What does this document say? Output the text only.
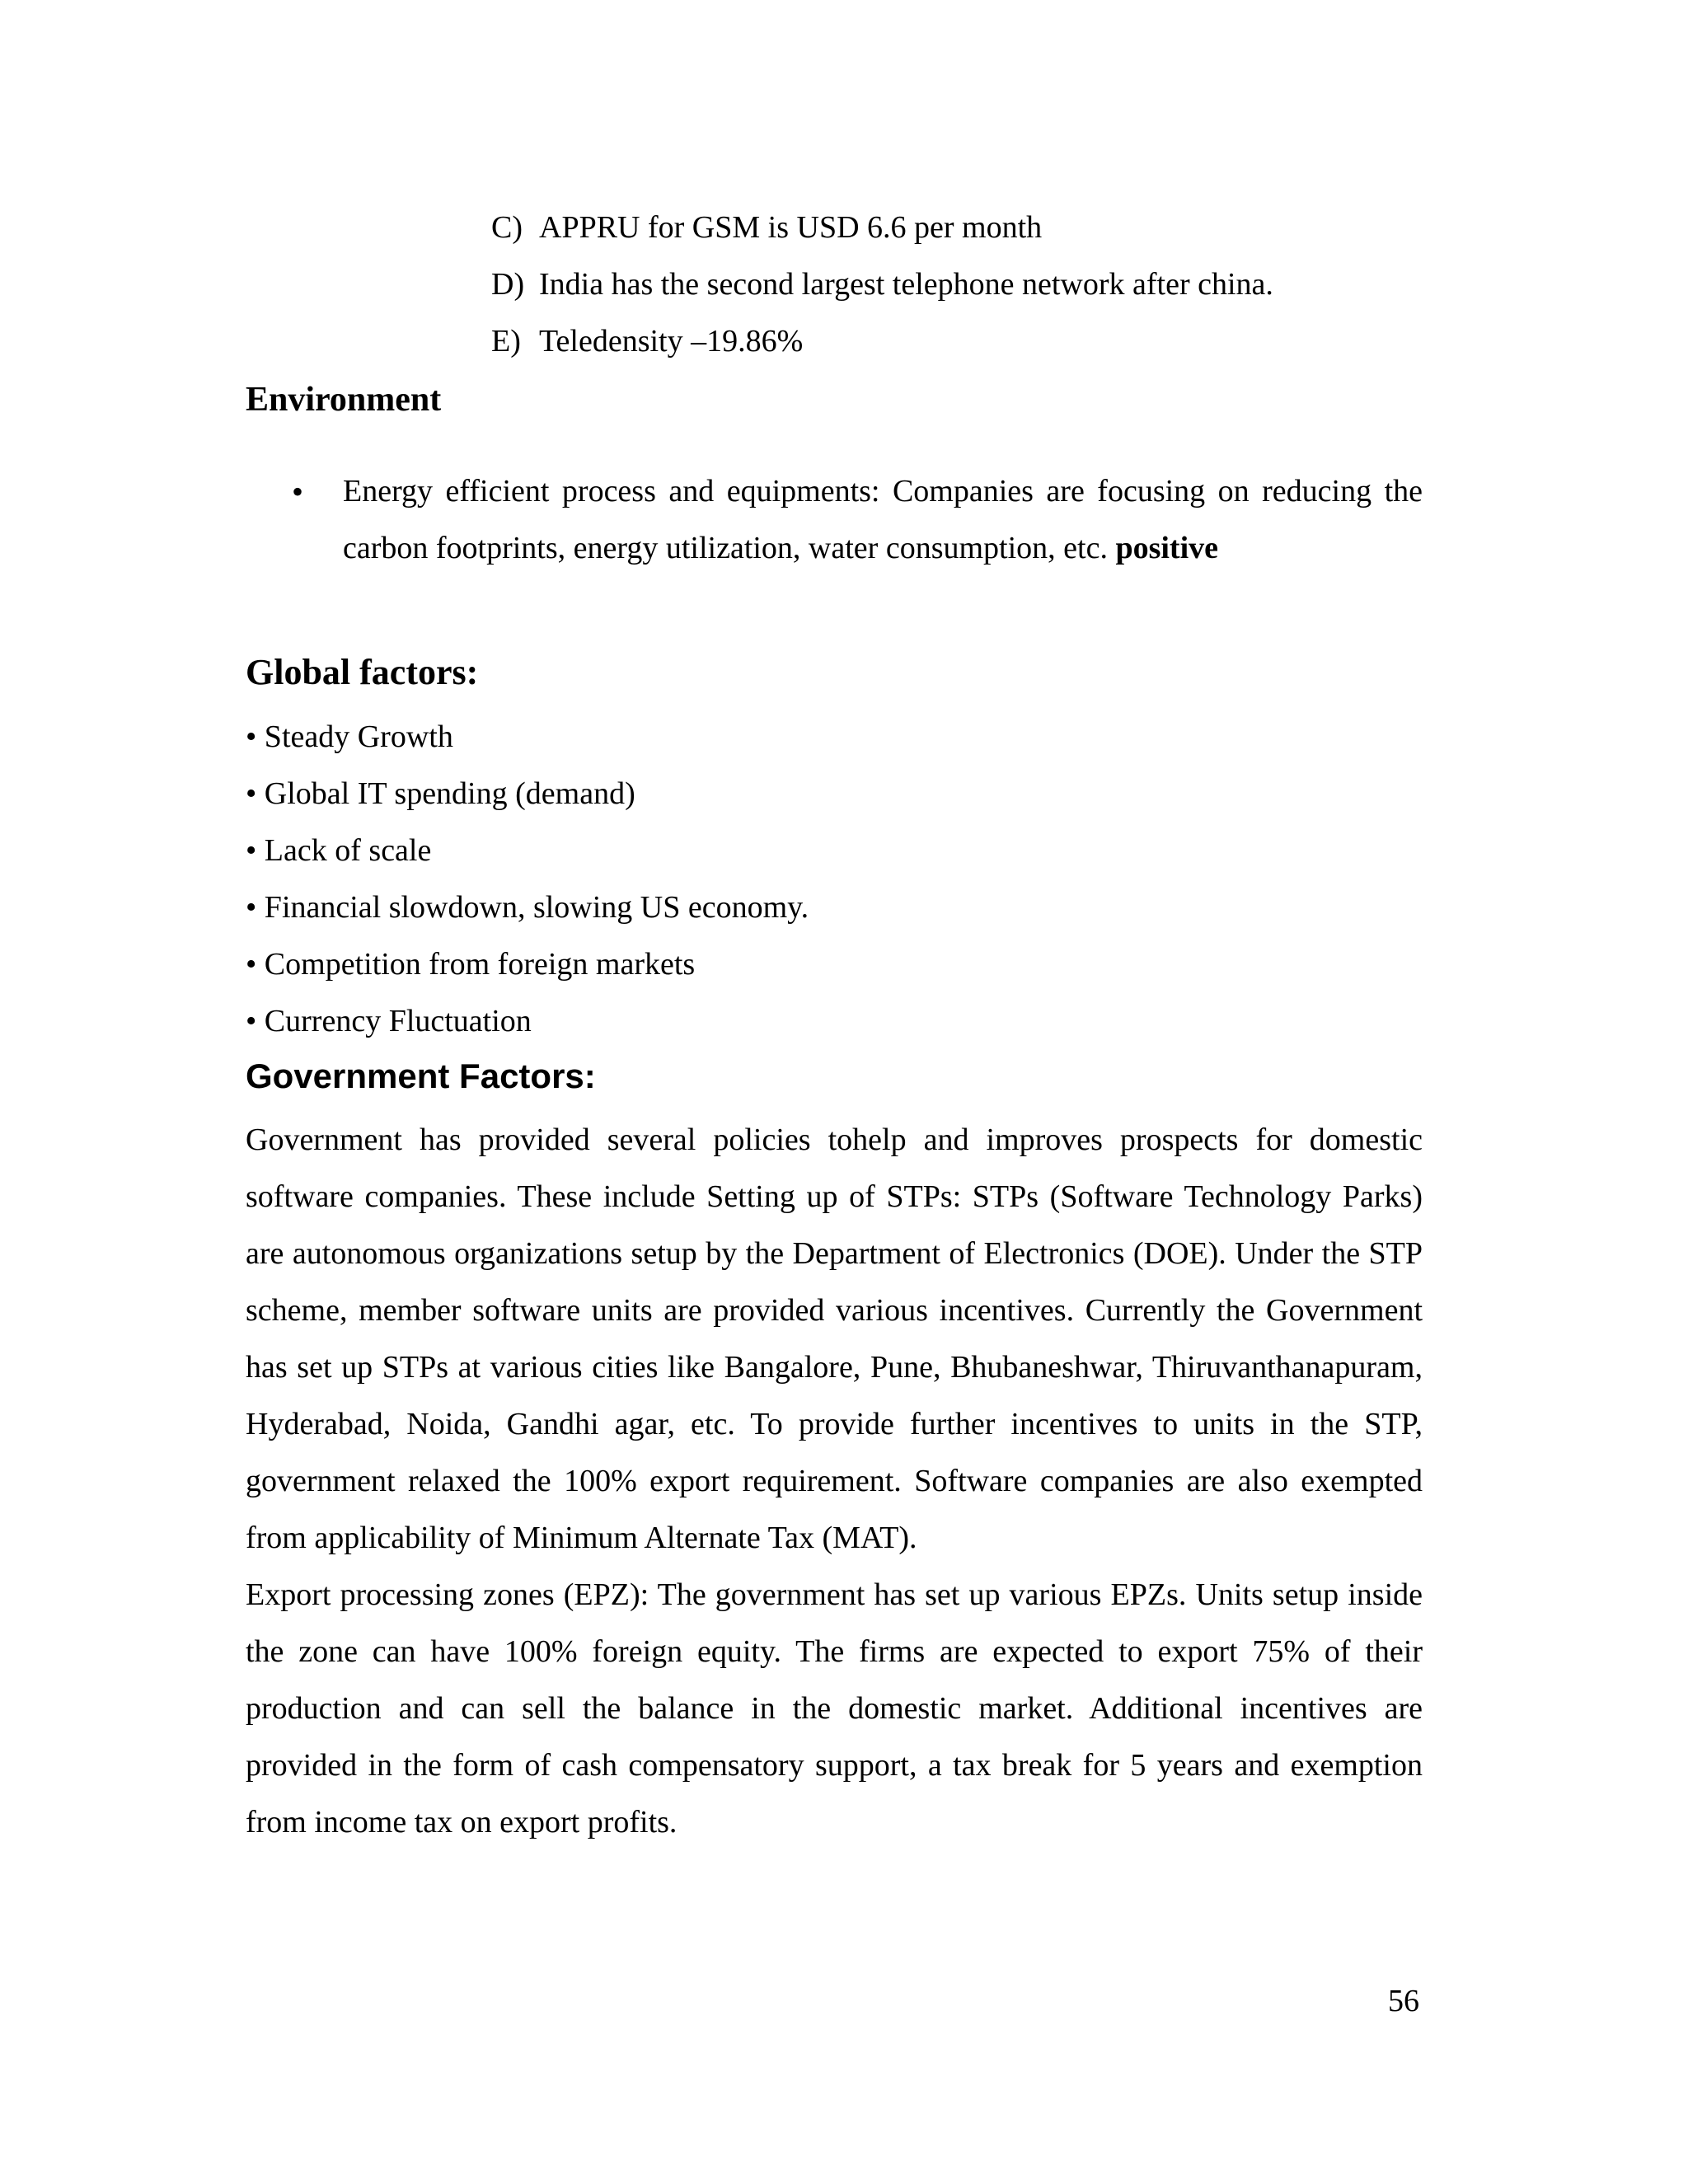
C) APPRU for GSM is USD 6.6 per month
D) India has the second largest telephone network after china.
E) Teledensity –19.86%
Environment
•	Energy efficient process and equipments: Companies are focusing on reducing the carbon footprints, energy utilization, water consumption, etc. positive
Global factors:
• Steady Growth
• Global IT spending (demand)
• Lack of scale
• Financial slowdown, slowing US economy.
• Competition from foreign markets
• Currency Fluctuation
Government Factors:

Government has provided several policies tohelp and improves prospects for domestic software companies. These include Setting up of STPs: STPs (Software Technology Parks) are autonomous organizations setup by the Department of Electronics (DOE). Under the STP scheme, member software units are provided various incentives. Currently the Government has set up STPs at various cities like Bangalore, Pune, Bhubaneshwar, Thiruvanthanapuram, Hyderabad, Noida, Gandhi agar, etc. To provide further incentives to units in the STP, government relaxed the 100% export requirement. Software companies are also exempted from applicability of Minimum Alternate Tax (MAT).

Export processing zones (EPZ): The government has set up various EPZs. Units setup inside the zone can have 100% foreign equity. The firms are expected to export 75% of their production and can sell the balance in the domestic market. Additional incentives are provided in the form of cash compensatory support, a tax break for 5 years and exemption from income tax on export profits.

56
